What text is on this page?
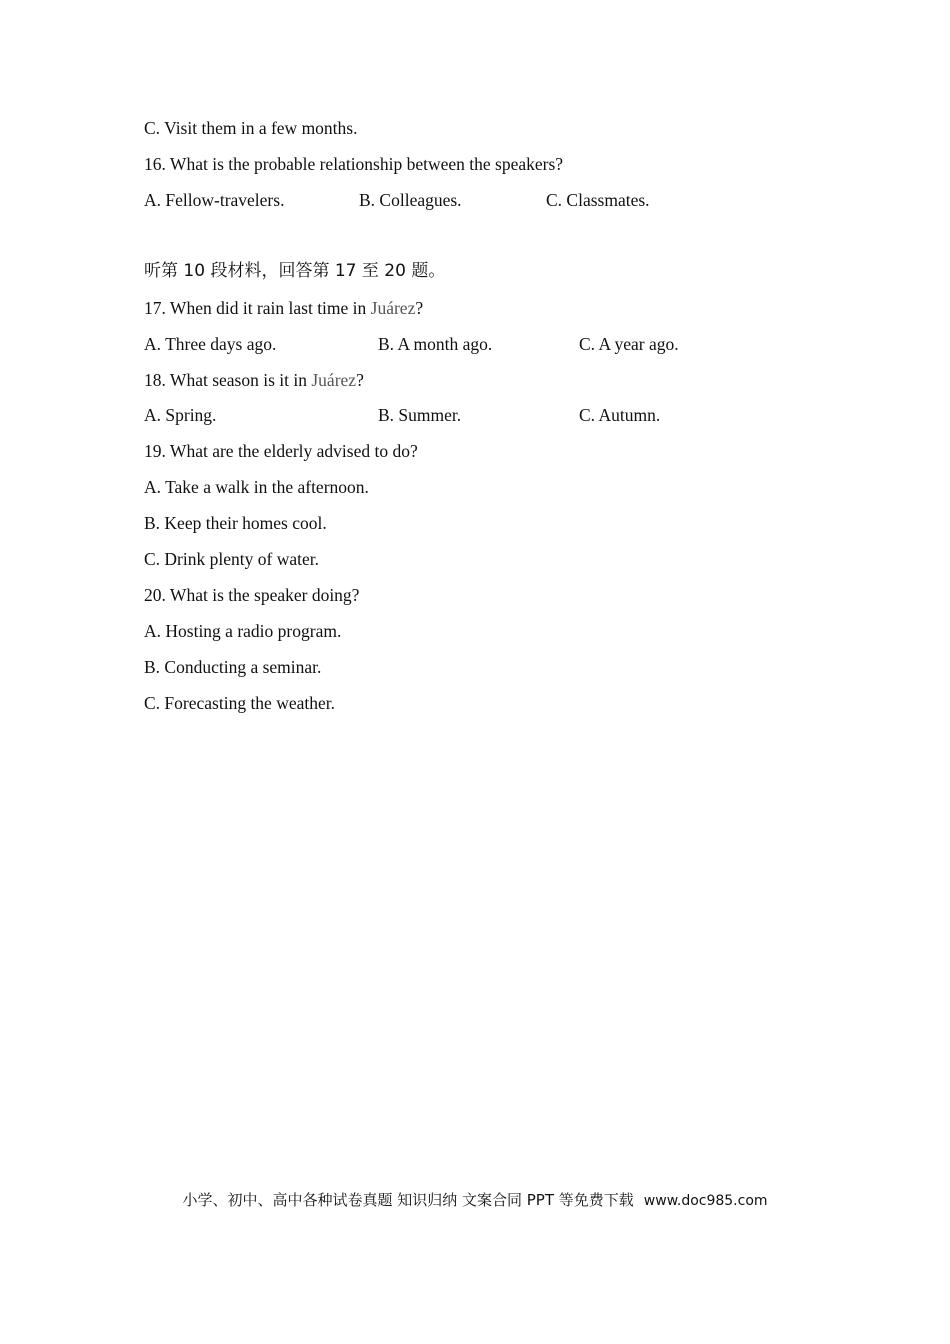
C. Visit them in a few months.
16. What is the probable relationship between the speakers?
A. Fellow-travelers.	B. Colleagues.	C. Classmates.
听第 10 段材料，回答第 17 至 20 题。
17. When did it rain last time in Juárez?
A. Three days ago.	B. A month ago.	C. A year ago.
18. What season is it in Juárez?
A. Spring.	B. Summer.	C. Autumn.
19. What are the elderly advised to do?
A. Take a walk in the afternoon.
B. Keep their homes cool.
C. Drink plenty of water.
20. What is the speaker doing?
A. Hosting a radio program.
B. Conducting a seminar.
C. Forecasting the weather.
小学、初中、高中各种试卷真题 知识归纳 文案合同 PPT 等免费下载 www.doc985.com
